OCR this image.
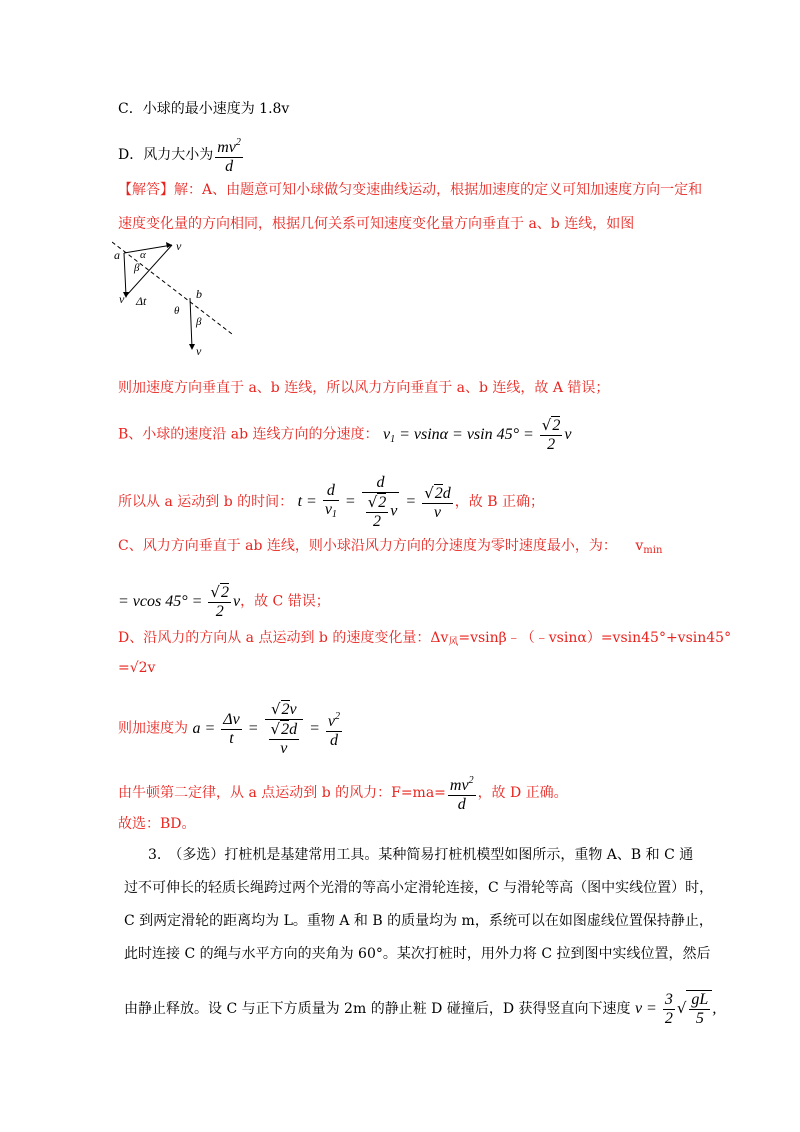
C．小球的最小速度为 1.8v
D．风力大小为 $\frac{mv^2}{d}$
【解答】解：A、由题意可知小球做匀变速曲线运动，根据加速度的定义可知加速度方向一定和
速度变化量的方向相同，根据几何关系可知速度变化量方向垂直于 a、b 连线，如图
a α
β
v
v Δt	b
θ
β
v
则加速度方向垂直于 a、b 连线，所以风力方向垂直于 a、b 连线，故 A 错误；
B、小球的速度沿 ab 连线方向的分速度： $v_1 = vsin\alpha = vsin$ $45^\circ = \frac{√2}{2}$ v
所以从 a 运动到 b 的时间： $t = \frac{d}{v_1} = \frac{d}{\frac{√2}{2} v} = \frac{√2d}{v}$ ，故 B 正确；
C、风力方向垂直于 ab 连线，则小球沿风力方向的分速度为零时速度最小，为： $v_{min}$
= vcos $45^\circ = \frac{√2}{2}$ v，故 C 错误；
D、沿风力的方向从 a 点运动到 b 的速度变化量：$\Delta v_风=vsin\beta﹣(﹣vsin\alpha)=vsin45^\circ+vsin45^\circ$
=√2v
则加速度为 $a = \frac{\Delta v}{t} = \frac{√2v}{\frac{√2d}{v}} = \frac{v^2}{d}$
由牛顿第二定律，从 a 点运动到 b 的风力：$F=ma= \frac{mv^2}{d}$ ，故 D 正确。
故选：BD。
3.　（多选）打桩机是基建常用工具。某种简易打桩机模型如图所示，重物 A、B 和 C 通
过不可伸长的轻质长绳跨过两个光滑的等高小定滑轮连接，C 与滑轮等高（图中实线位置）时，
C 到两定滑轮的距离均为 L。重物 A 和 B 的质量均为 m，系统可以在如图虚线位置保持静止，
此时连接 C 的绳与水平方向的夹角为 60°。某次打桩时，用外力将 C 拉到图中实线位置，然后
由静止释放。设 C 与正下方质量为 2m 的静止粧 D 碰撞后，D 获得竖直向下速度 $v = \frac{3}{2}$ √ $\frac{gL}{5}$ ,
